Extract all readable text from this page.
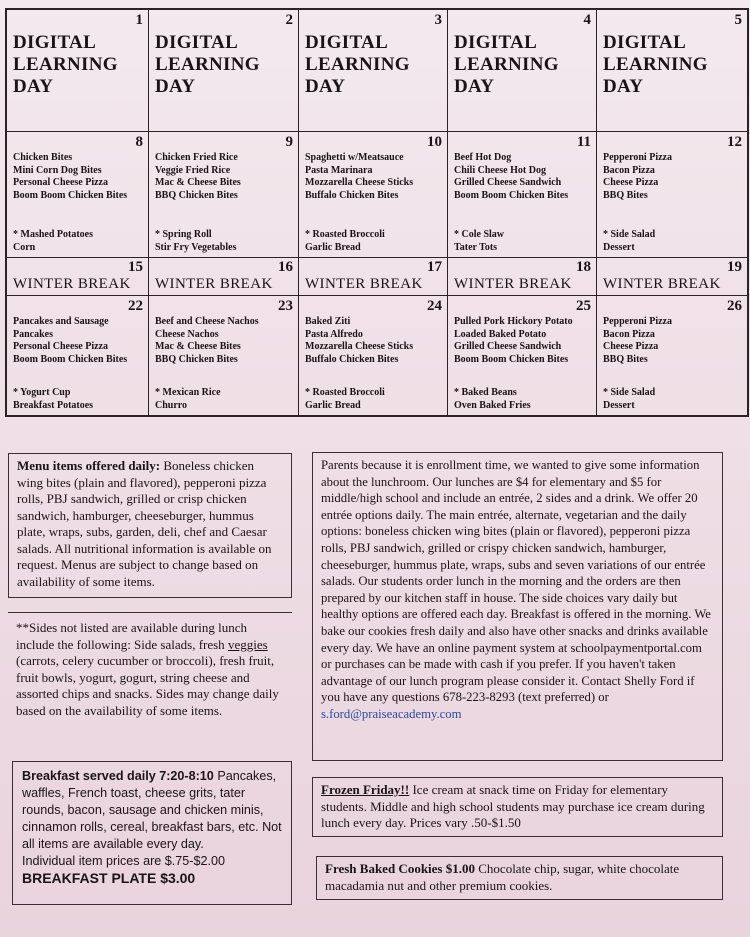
1
DIGITAL
LEARNING
DAY
2
DIGITAL
LEARNING
DAY
3
DIGITAL
LEARNING
DAY
4
DIGITAL
LEARNING
DAY
5
DIGITAL
LEARNING
DAY
8
Chicken Bites
Mini Corn Dog Bites
Personal Cheese Pizza
Boom Boom Chicken Bites
* Mashed Potatoes
Corn
9
Chicken Fried Rice
Veggie Fried Rice
Mac & Cheese Bites
BBQ Chicken Bites
* Spring Roll
Stir Fry Vegetables
10
Spaghetti w/Meatsauce
Pasta Marinara
Mozzarella Cheese Sticks
Buffalo Chicken Bites
* Roasted Broccoli
Garlic Bread
11
Beef Hot Dog
Chili Cheese Hot Dog
Grilled Cheese Sandwich
Boom Boom Chicken Bites
* Cole Slaw
Tater Tots
12
Pepperoni Pizza
Bacon Pizza
Cheese Pizza
BBQ Bites
* Side Salad
Dessert
15
WINTER BREAK
16
WINTER BREAK
17
WINTER BREAK
18
WINTER BREAK
19
WINTER BREAK
22
Pancakes and Sausage
Pancakes
Personal Cheese Pizza
Boom Boom Chicken Bites
* Yogurt Cup
Breakfast Potatoes
23
Beef and Cheese Nachos
Cheese Nachos
Mac & Cheese Bites
BBQ Chicken Bites
* Mexican Rice
Churro
24
Baked Ziti
Pasta Alfredo
Mozzarella Cheese Sticks
Buffalo Chicken Bites
* Roasted Broccoli
Garlic Bread
25
Pulled Pork Hickory Potato
Loaded Baked Potato
Grilled Cheese Sandwich
Boom Boom Chicken Bites
* Baked Beans
Oven Baked Fries
26
Pepperoni Pizza
Bacon Pizza
Cheese Pizza
BBQ Bites
* Side Salad
Dessert
Menu items offered daily: Boneless chicken wing bites (plain and flavored), pepperoni pizza rolls, PBJ sandwich, grilled or crisp chicken sandwich, hamburger, cheeseburger, hummus plate, wraps, subs, garden, deli, chef and Caesar salads. All nutritional information is available on request. Menus are subject to change based on availability of some items.
**Sides not listed are available during lunch include the following: Side salads, fresh veggies (carrots, celery cucumber or broccoli), fresh fruit, fruit bowls, yogurt, gogurt, string cheese and assorted chips and snacks. Sides may change daily based on the availability of some items.
Breakfast served daily 7:20-8:10 Pancakes, waffles, French toast, cheese grits, tater rounds, bacon, sausage and chicken minis, cinnamon rolls, cereal, breakfast bars, etc. Not all items are available every day.
Individual item prices are $.75-$2.00
BREAKFAST PLATE $3.00
Parents because it is enrollment time, we wanted to give some information about the lunchroom. Our lunches are $4 for elementary and $5 for middle/high school and include an entrée, 2 sides and a drink. We offer 20 entrée options daily. The main entrée, alternate, vegetarian and the daily options: boneless chicken wing bites (plain or flavored), pepperoni pizza rolls, PBJ sandwich, grilled or crispy chicken sandwich, hamburger, cheeseburger, hummus plate, wraps, subs and seven variations of our entrée salads. Our students order lunch in the morning and the orders are then prepared by our kitchen staff in house. The side choices vary daily but healthy options are offered each day. Breakfast is offered in the morning. We bake our cookies fresh daily and also have other snacks and drinks available every day. We have an online payment system at schoolpaymentportal.com or purchases can be made with cash if you prefer. If you haven't taken advantage of our lunch program please consider it. Contact Shelly Ford if you have any questions 678-223-8293 (text preferred) or s.ford@praiseacademy.com
Frozen Friday!! Ice cream at snack time on Friday for elementary students. Middle and high school students may purchase ice cream during lunch every day. Prices vary .50-$1.50
Fresh Baked Cookies $1.00 Chocolate chip, sugar, white chocolate macadamia nut and other premium cookies.
